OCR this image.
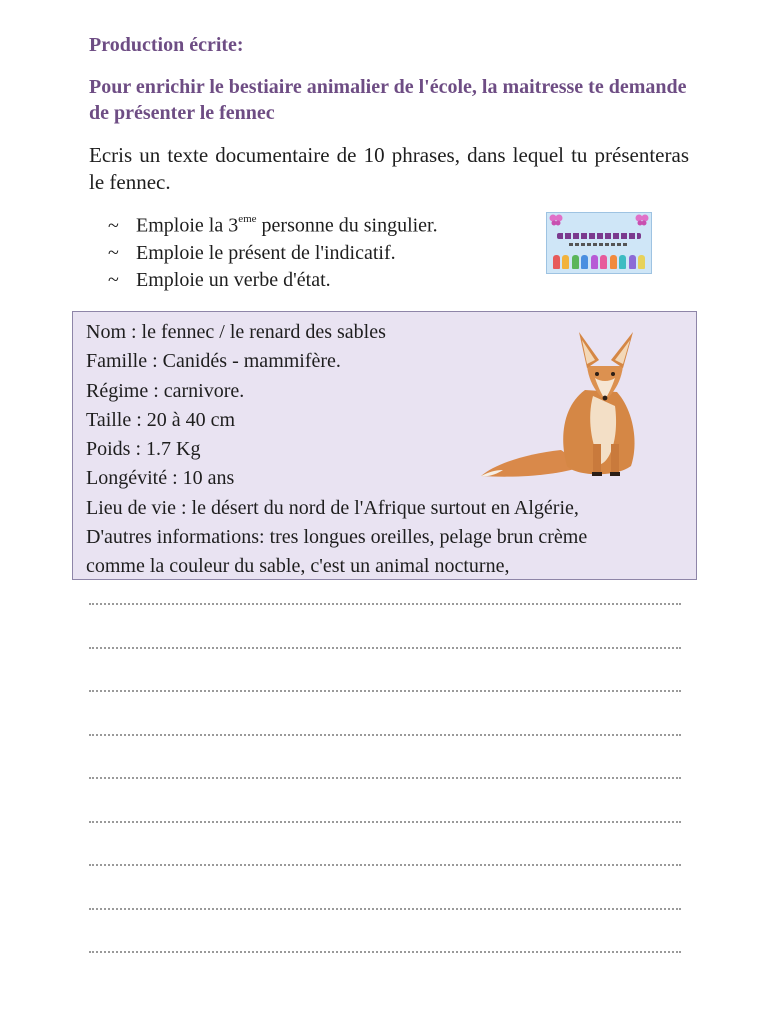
Production écrite:
Pour enrichir le bestiaire animalier de l'école, la maitresse te demande de présenter le fennec

Ecris un texte documentaire de 10 phrases, dans lequel tu présenteras le fennec.

~ Emploie la 3eme personne du singulier.
~ Emploie le présent de l'indicatif.
~ Emploie un verbe d'état.
Nom : le fennec / le renard des sables
Famille : Canidés - mammifère.
Régime : carnivore.
Taille : 20 à 40 cm
Poids : 1.7 Kg
Longévité : 10 ans
Lieu de vie : le désert du nord de l'Afrique surtout en Algérie,
D'autres informations: tres longues oreilles, pelage brun crème
comme la couleur du sable, c'est un animal nocturne,
